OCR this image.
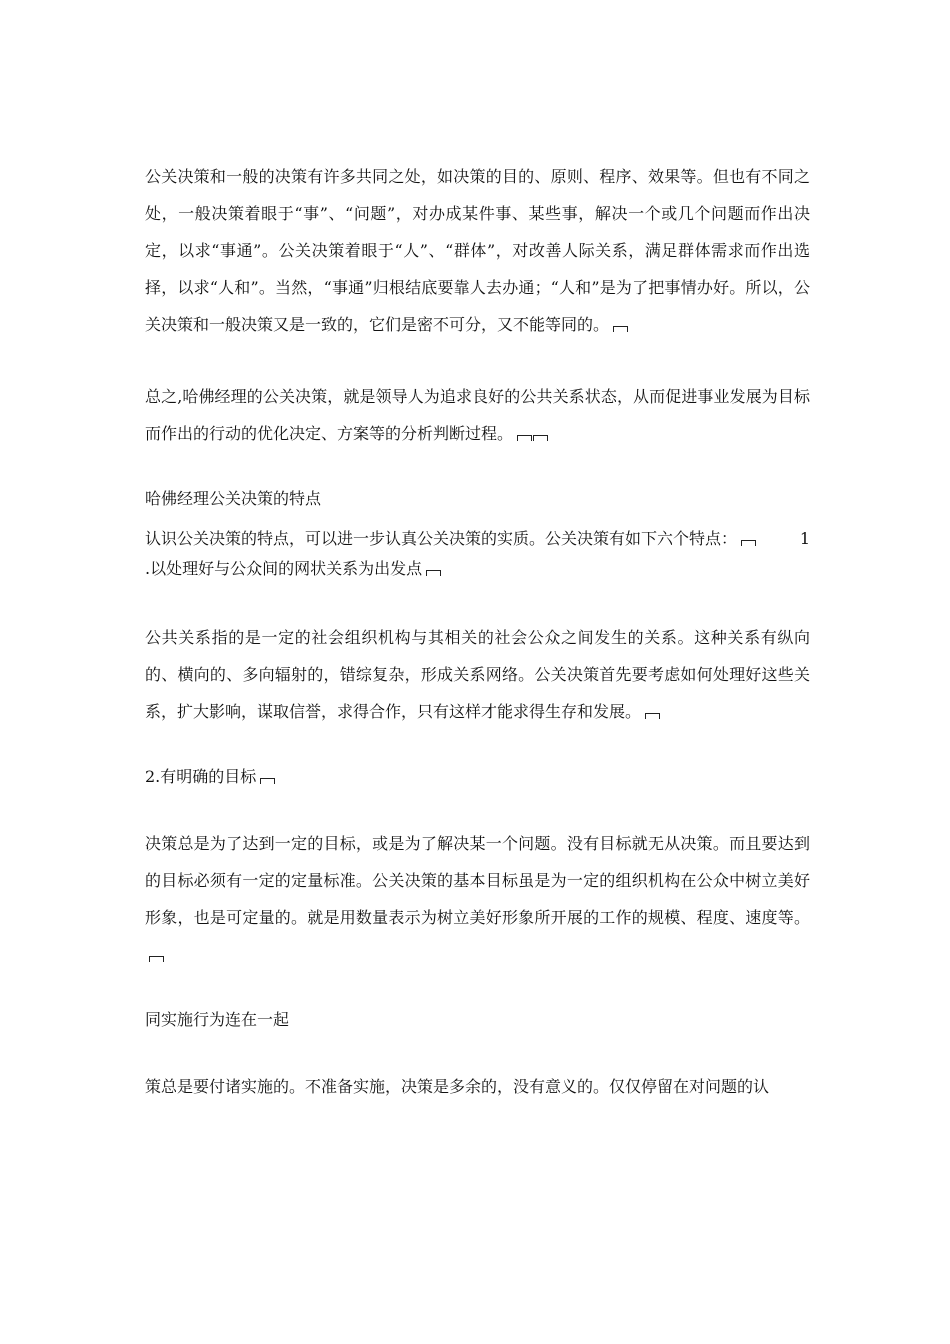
公关决策和一般的决策有许多共同之处，如决策的目的、原则、程序、效果等。但也有不同之处，一般决策着眼于“事”、“问题”，对办成某件事、某些事，解决一个或几个问题而作出决定，以求“事通”。公关决策着眼于“人”、“群体”，对改善人际关系，满足群体需求而作出选择，以求“人和”。当然，“事通”归根结底要靠人去办通；“人和”是为了把事情办好。所以，公关决策和一般决策又是一致的，它们是密不可分，又不能等同的。

总之,哈佛经理的公关决策，就是领导人为追求良好的公共关系状态，从而促进事业发展为目标而作出的行动的优化决定、方案等的分析判断过程。

哈佛经理公关决策的特点

认识公关决策的特点，可以进一步认真公关决策的实质。公关决策有如下六个特点：	1

.以处理好与公众间的网状关系为出发点

公共关系指的是一定的社会组织机构与其相关的社会公众之间发生的关系。这种关系有纵向的、横向的、多向辐射的，错综复杂，形成关系网络。公关决策首先要考虑如何处理好这些关系，扩大影响，谋取信誉，求得合作，只有这样才能求得生存和发展。

2.有明确的目标

决策总是为了达到一定的目标，或是为了解决某一个问题。没有目标就无从决策。而且要达到的目标必须有一定的定量标准。公关决策的基本目标虽是为一定的组织机构在公众中树立美好形象，也是可定量的。就是用数量表示为树立美好形象所开展的工作的规模、程度、速度等。

同实施行为连在一起

策总是要付诸实施的。不准备实施，决策是多余的，没有意义的。仅仅停留在对问题的认
